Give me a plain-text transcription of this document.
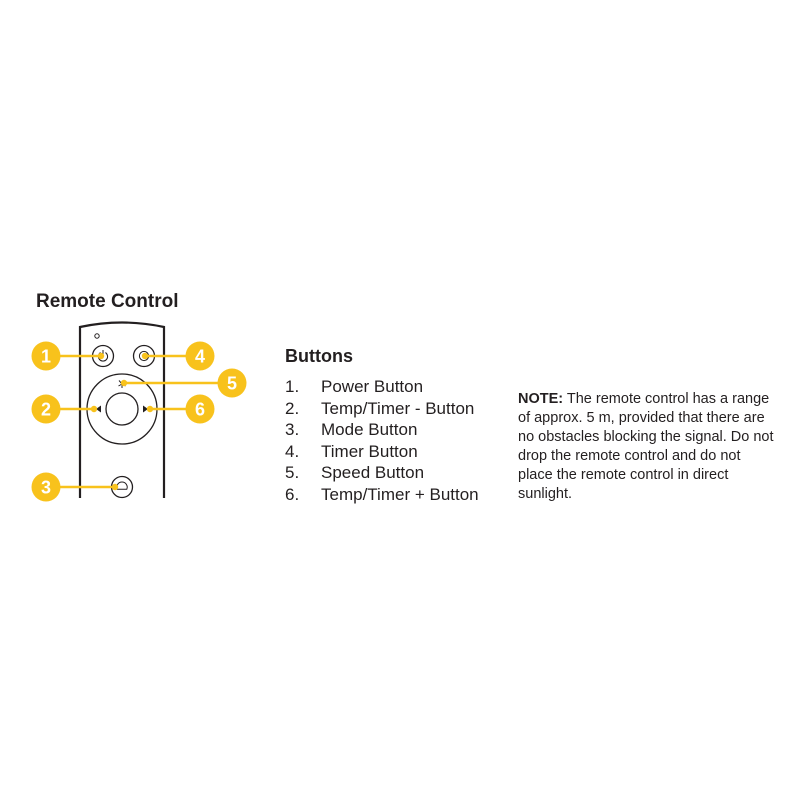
Remote Control
1
2
3
4
5
6
Buttons
1. Power Button
2. Temp/Timer - Button
3. Mode Button
4. Timer Button
5. Speed Button
6. Temp/Timer + Button

NOTE: The remote control has a range of approx. 5 m, provided that there are no obstacles blocking the signal. Do not drop the remote control and do not place the remote control in direct sunlight.
